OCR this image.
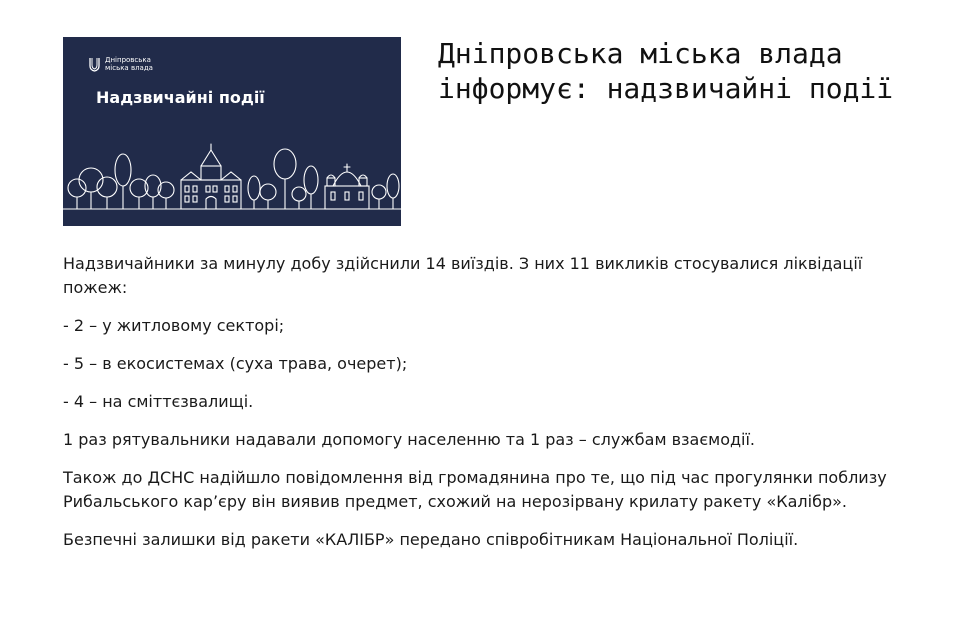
Дніпровська
міська влада
Надзвичайні події
Дніпровська міська влада інформує: надзвичайні події

Надзвичайники за минулу добу здійснили 14 виїздів. З них 11 викликів стосувалися ліквідації пожеж:

- 2 – у житловому секторі;

- 5 – в екосистемах (суха трава, очерет);

- 4 – на сміттєзвалищі.

1 раз рятувальники надавали допомогу населенню та 1 раз – службам взаємодії.

Також до ДСНС надійшло повідомлення від громадянина про те, що під час прогулянки поблизу Рибальського кар’єру він виявив предмет, схожий на нерозірвану крилату ракету «Калібр».

Безпечні залишки від ракети «КАЛІБР» передано співробітникам Національної Поліції.
